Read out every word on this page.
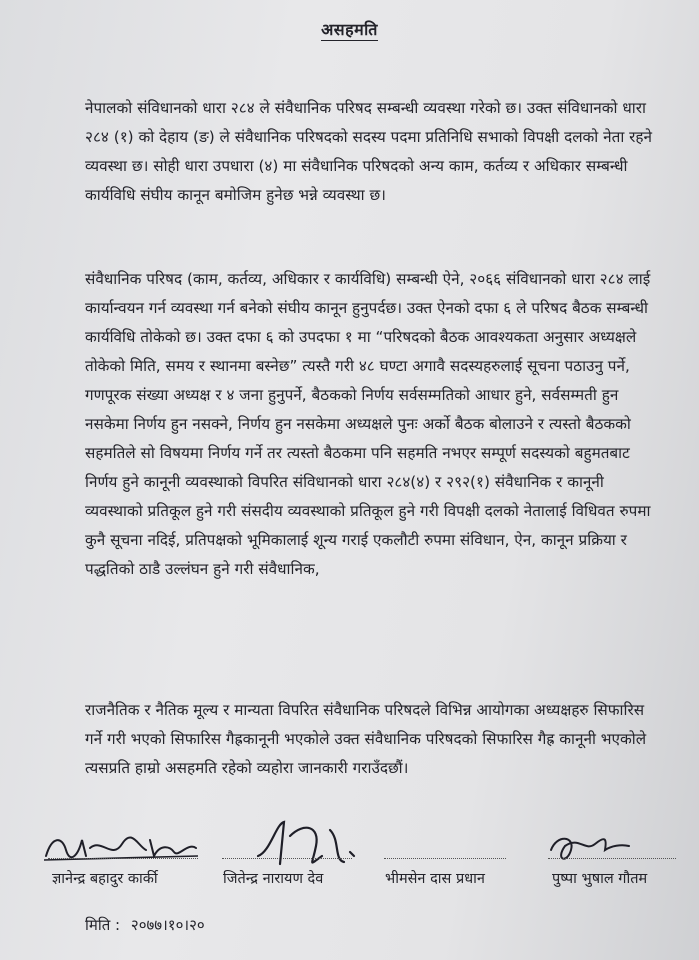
असहमति

नेपालको संविधानको धारा २८४ ले संवैधानिक परिषद सम्बन्धी व्यवस्था गरेको छ। उक्त संविधानको धारा २८४ (१) को देहाय (ङ) ले संवैधानिक परिषदको सदस्य पदमा प्रतिनिधि सभाको विपक्षी दलको नेता रहने व्यवस्था छ। सोही धारा उपधारा (४) मा संवैधानिक परिषदको अन्य काम, कर्तव्य र अधिकार सम्बन्धी कार्यविधि संघीय कानून बमोजिम हुनेछ भन्ने व्यवस्था छ।

संवैधानिक परिषद (काम, कर्तव्य, अधिकार र कार्यविधि) सम्बन्धी ऐने, २०६६ संविधानको धारा २८४ लाई कार्यान्वयन गर्न व्यवस्था गर्न बनेको संघीय कानून हुनुपर्दछ। उक्त ऐनको दफा ६ ले परिषद बैठक सम्बन्धी कार्यविधि तोकेको छ। उक्त दफा ६ को उपदफा १ मा “परिषदको बैठक आवश्यकता अनुसार अध्यक्षले तोकेको मिति, समय र स्थानमा बस्नेछ” त्यस्तै गरी ४८ घण्टा अगावै सदस्यहरुलाई सूचना पठाउनु पर्ने, गणपूरक संख्या अध्यक्ष र ४ जना हुनुपर्ने, बैठकको निर्णय सर्वसम्मतिको आधार हुने, सर्वसम्मती हुन नसकेमा निर्णय हुन नसक्ने, निर्णय हुन नसकेमा अध्यक्षले पुनः अर्को बैठक बोलाउने र त्यस्तो बैठकको सहमतिले सो विषयमा निर्णय गर्ने तर त्यस्तो बैठकमा पनि सहमति नभएर सम्पूर्ण सदस्यको बहुमतबाट निर्णय हुने कानूनी व्यवस्थाको विपरित संविधानको धारा २८४(४) र २९२(१) संवैधानिक र कानूनी व्यवस्थाको प्रतिकूल हुने गरी संसदीय व्यवस्थाको प्रतिकूल हुने गरी विपक्षी दलको नेतालाई विधिवत रुपमा कुनै सूचना नदिई, प्रतिपक्षको भूमिकालाई शून्य गराई एकलौटी रुपमा संविधान, ऐन, कानून प्रक्रिया र पद्धतिको ठाडै उल्लंघन हुने गरी संवैधानिक,

राजनैतिक र नैतिक मूल्य र मान्यता विपरित संवैधानिक परिषदले विभिन्न आयोगका अध्यक्षहरु सिफारिस गर्ने गरी भएको सिफारिस गैह्रकानूनी भएकोले उक्त संवैधानिक परिषदको सिफारिस गैह्र कानूनी भएकोले त्यसप्रति हाम्रो असहमति रहेको व्यहोरा जानकारी गराउँदछौं।

ज्ञानेन्द्र बहादुर कार्की	जितेन्द्र नारायण देव	भीमसेन दास प्रधान	पुष्पा भुषाल गौतम
मिति : २०७७।१०।२०
